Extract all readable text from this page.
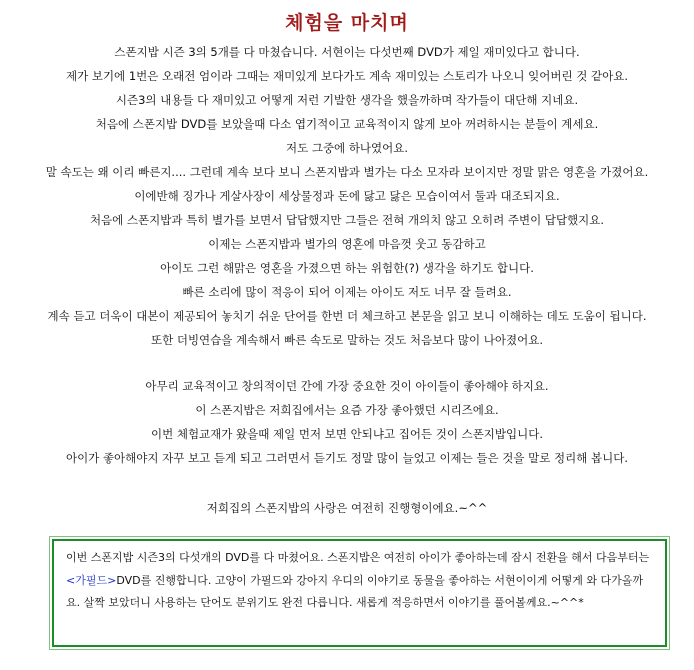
체험을 마치며
스폰지밥 시즌 3의 5개를 다 마쳤습니다. 서현이는 다섯번째 DVD가 제일 재미있다고 합니다.
제가 보기에 1번은 오래전 엄이라 그때는 재미있게 보다가도 계속 재미있는 스토리가 나오니 잊어버린 것 같아요.
시즌3의 내용들 다 재미있고 어떻게 저런 기발한 생각을 했을까하며 작가들이 대단해 지네요.
처음에 스폰지밥 DVD를 보았을때 다소 엽기적이고 교육적이지 않게 보아 꺼려하시는 분들이 계세요.
저도 그중에 하나였어요.
말 속도는 왜 이리 빠른지.... 그런데 계속 보다 보니 스폰지밥과 별가는 다소 모자라 보이지만 정말 맑은 영혼을 가졌어요.
이에반해 징가나 게살사장이 세상물정과 돈에 닳고 닳은 모습이여서 둘과 대조되지요.
처음에 스폰지밥과 특히 별가를 보면서 답답했지만 그들은 전혀 개의치 않고 오히려 주변이 답답했지요.
이제는 스폰지밥과 별가의 영혼에 마음껏 웃고 동감하고
아이도 그런 해맑은 영혼을 가졌으면 하는 위험한(?) 생각을 하기도 합니다.
빠른 소리에 많이 적응이 되어 이제는 아이도 저도 너무 잘 들려요.
계속 듣고 더욱이 대본이 제공되어 놓치기 쉬운 단어를 한번 더 체크하고 본문을 읽고 보니 이해하는 데도 도움이 됩니다.
또한 더빙연습을 계속해서 빠른 속도로 말하는 것도 처음보다 많이 나아졌어요.
아무리 교육적이고 창의적이던 간에 가장 중요한 것이 아이들이 좋아해야 하지요.
이 스폰지밥은 저희집에서는 요즘 가장 좋아했던 시리즈에요.
이번 체험교재가 왔을때 제일 먼저 보면 안되냐고 집어든 것이 스폰지밥입니다.
아이가 좋아해야지 자꾸 보고 듣게 되고 그러면서 듣기도 정말 많이 늘었고 이제는 들은 것을 말로 정리해 봅니다.
저희집의 스폰지밥의 사랑은 여전히 진행형이에요.~^^
이번 스폰지밥 시즌3의 다섯개의 DVD를 다 마쳤어요. 스폰지밥은 여전히 아이가 좋아하는데 잠시 전환을 해서 다음부터는 <가필드>DVD를 진행합니다. 고양이 가필드와 강아지 우디의 이야기로 동물을 좋아하는 서현이이게 어떻게 와 다가올까요. 살짝 보았더니 사용하는 단어도 분위기도 완전 다릅니다. 새롭게 적응하면서 이야기를 풀어볼께요.~^^*
